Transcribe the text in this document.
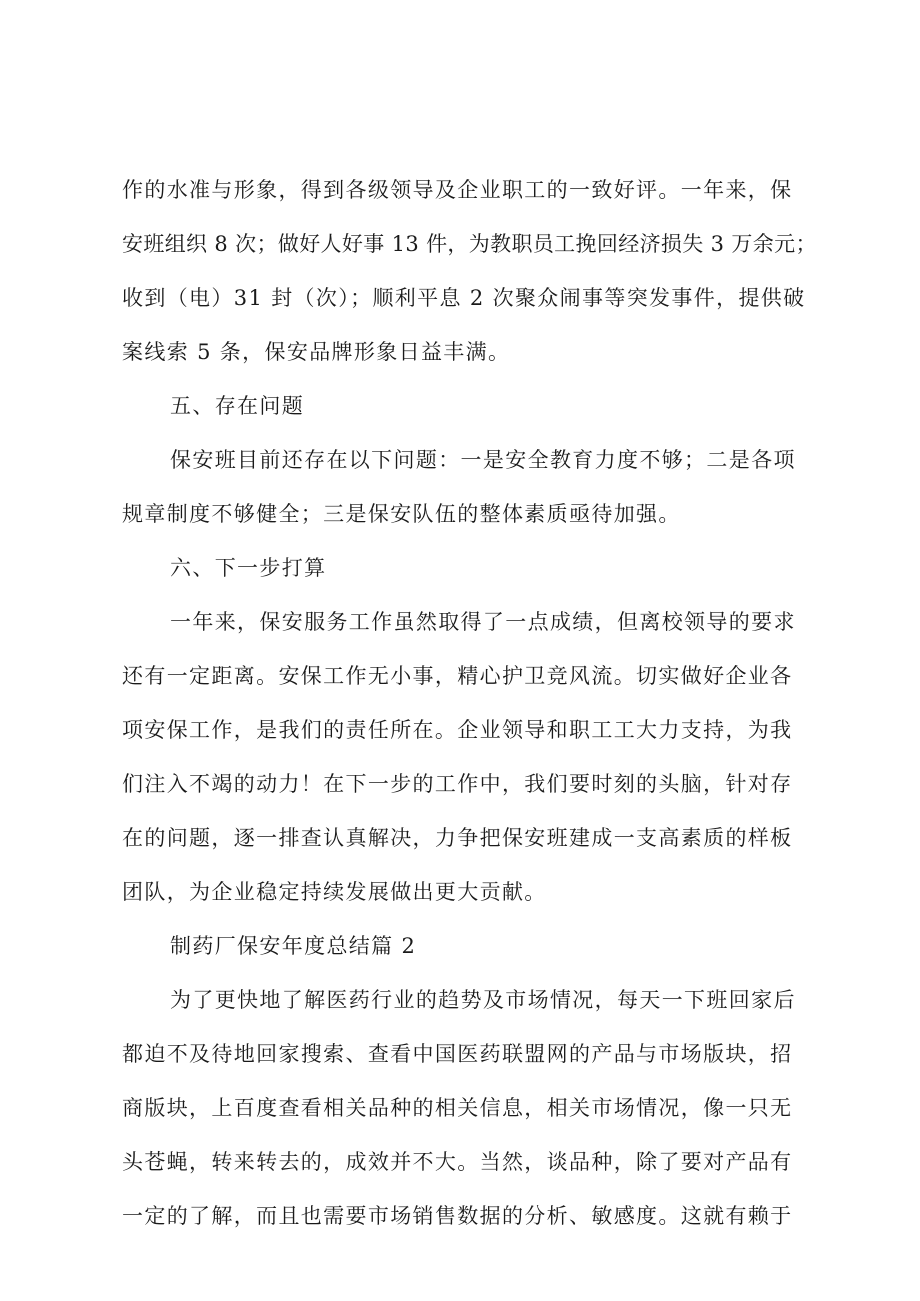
作的水准与形象，得到各级领导及企业职工的一致好评。一年来，保
安班组织 8 次；做好人好事 13 件，为教职员工挽回经济损失 3 万余元；
收到（电）31 封（次）；顺利平息 2 次聚众闹事等突发事件，提供破
案线索 5 条，保安品牌形象日益丰满。
五、存在问题
保安班目前还存在以下问题：一是安全教育力度不够；二是各项
规章制度不够健全；三是保安队伍的整体素质亟待加强。
六、下一步打算
一年来，保安服务工作虽然取得了一点成绩，但离校领导的要求
还有一定距离。安保工作无小事，精心护卫竞风流。切实做好企业各
项安保工作，是我们的责任所在。企业领导和职工工大力支持，为我
们注入不竭的动力！在下一步的工作中，我们要时刻的头脑，针对存
在的问题，逐一排查认真解决，力争把保安班建成一支高素质的样板
团队，为企业稳定持续发展做出更大贡献。
制药厂保安年度总结篇 2
为了更快地了解医药行业的趋势及市场情况，每天一下班回家后
都迫不及待地回家搜索、查看中国医药联盟网的产品与市场版块，招
商版块，上百度查看相关品种的相关信息，相关市场情况，像一只无
头苍蝇，转来转去的，成效并不大。当然，谈品种，除了要对产品有
一定的了解，而且也需要市场销售数据的分析、敏感度。这就有赖于
